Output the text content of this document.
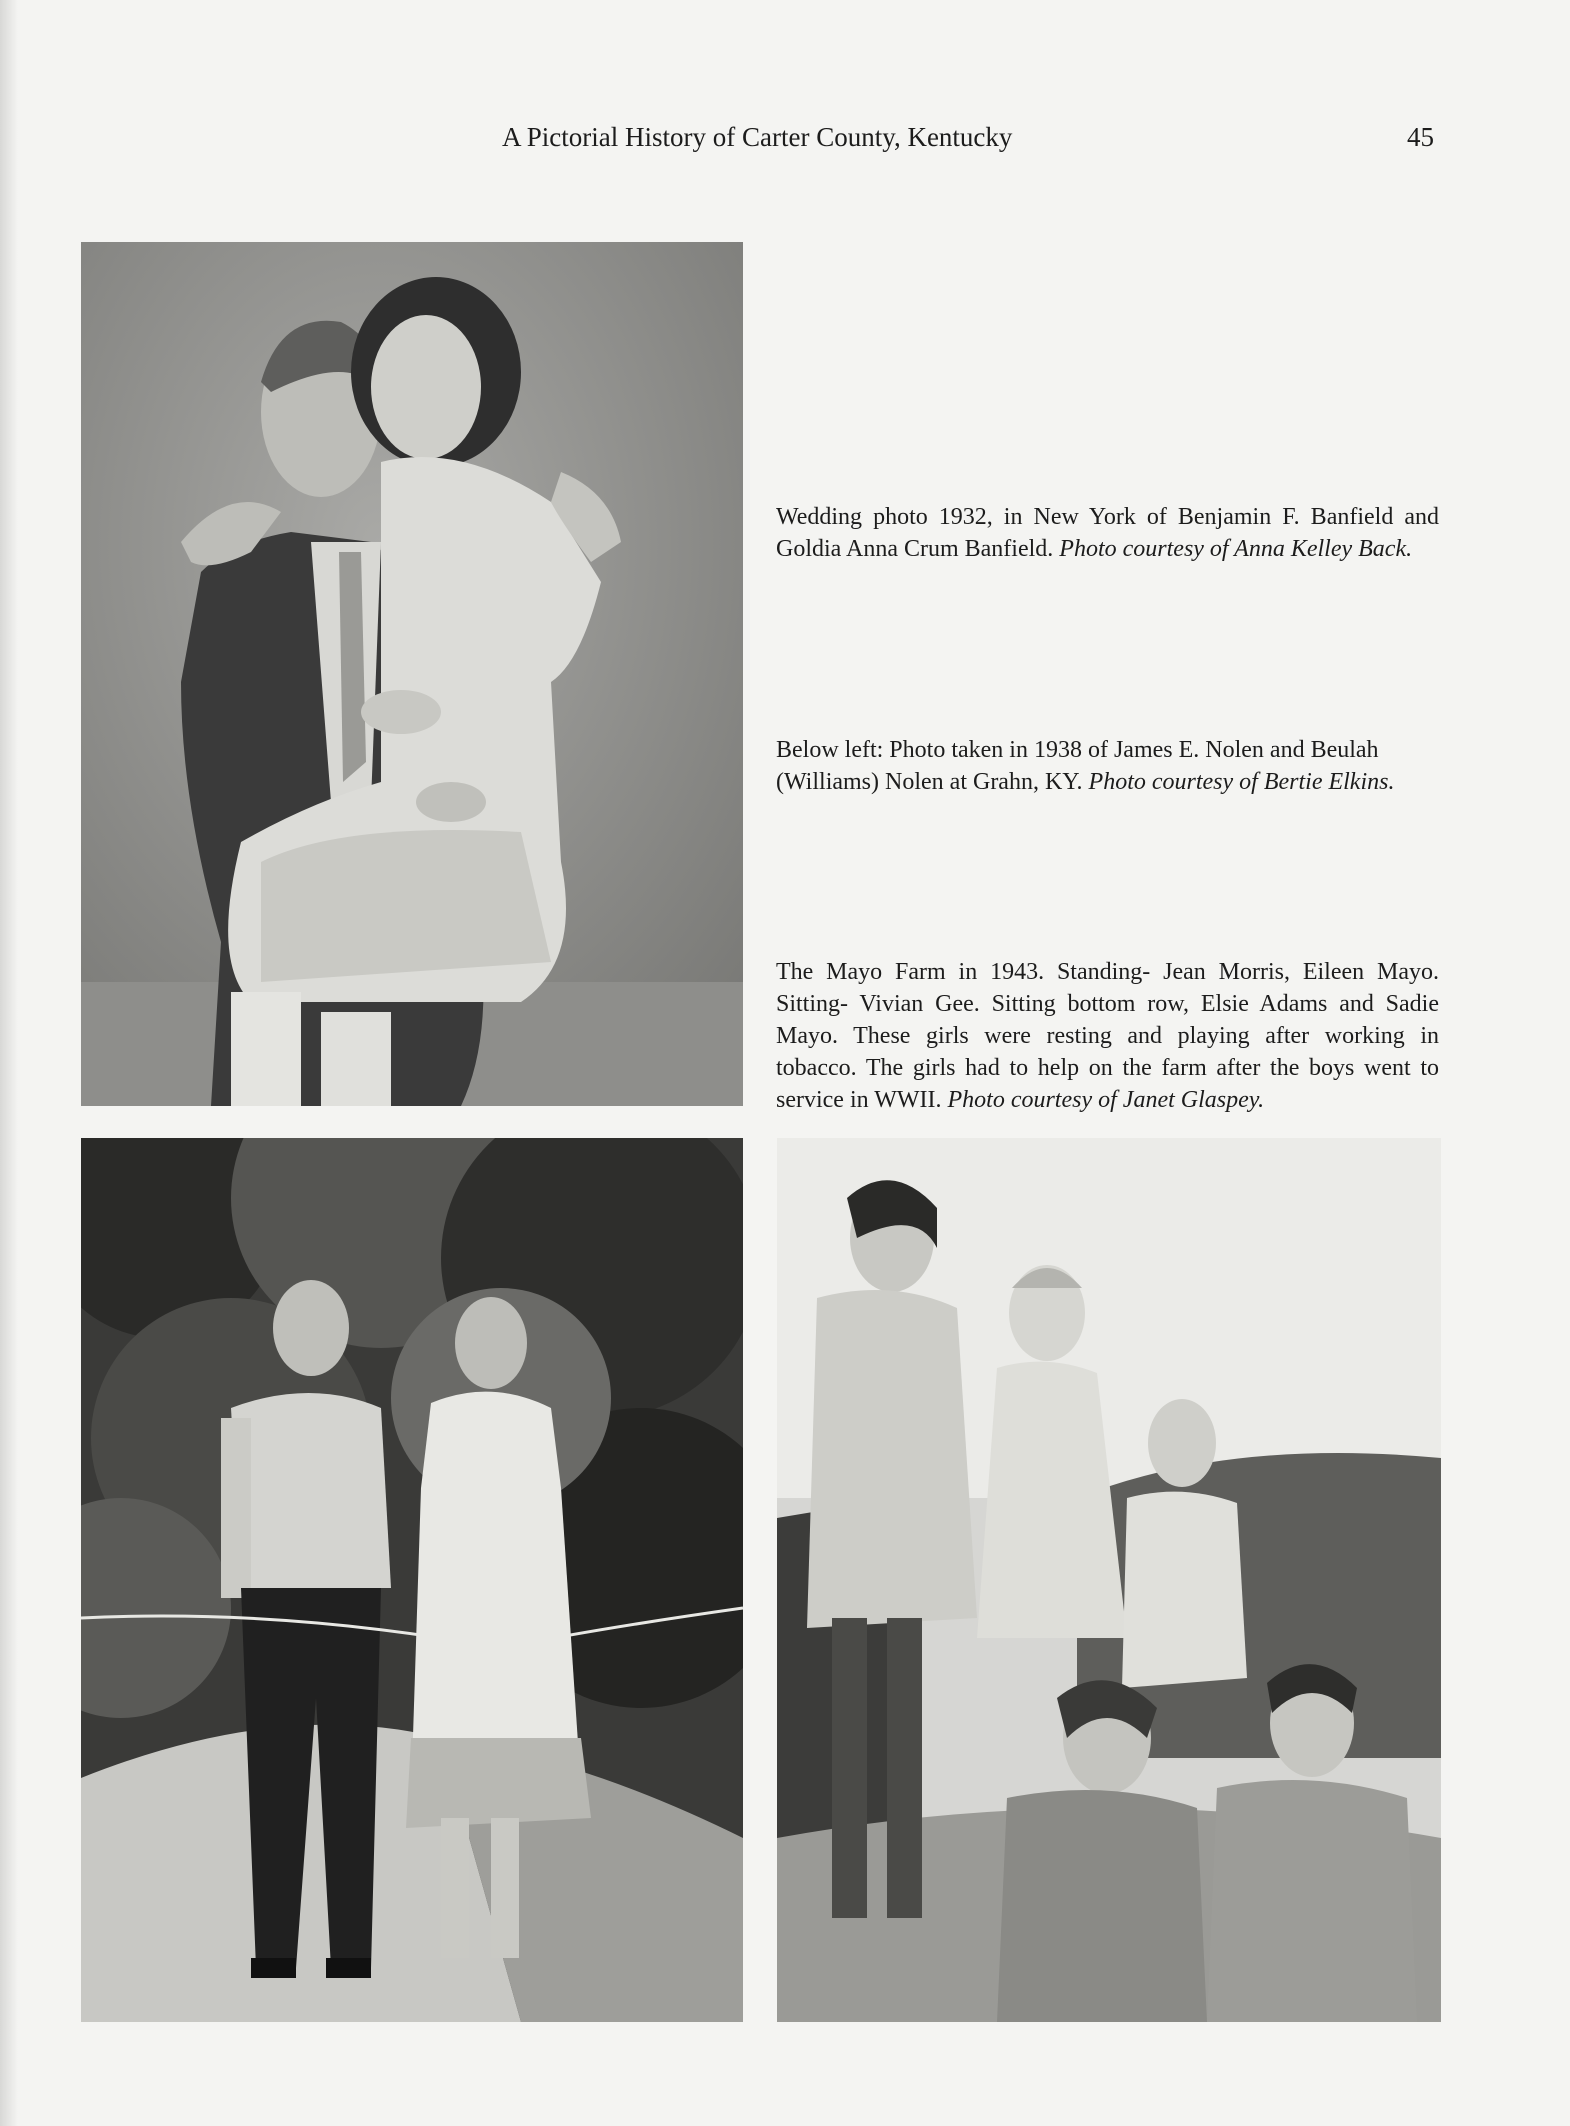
A Pictorial History of Carter County, Kentucky	45

Wedding photo 1932, in New York of Benjamin F. Banfield and Goldia Anna Crum Banfield. Photo courtesy of Anna Kelley Back.

Below left: Photo taken in 1938 of James E. Nolen and Beulah (Williams) Nolen at Grahn, KY. Photo courtesy of Bertie Elkins.

The Mayo Farm in 1943. Standing- Jean Morris, Eileen Mayo. Sitting- Vivian Gee. Sitting bottom row, Elsie Adams and Sadie Mayo. These girls were resting and playing after working in tobacco. The girls had to help on the farm after the boys went to service in WWII. Photo courtesy of Janet Glaspey.
